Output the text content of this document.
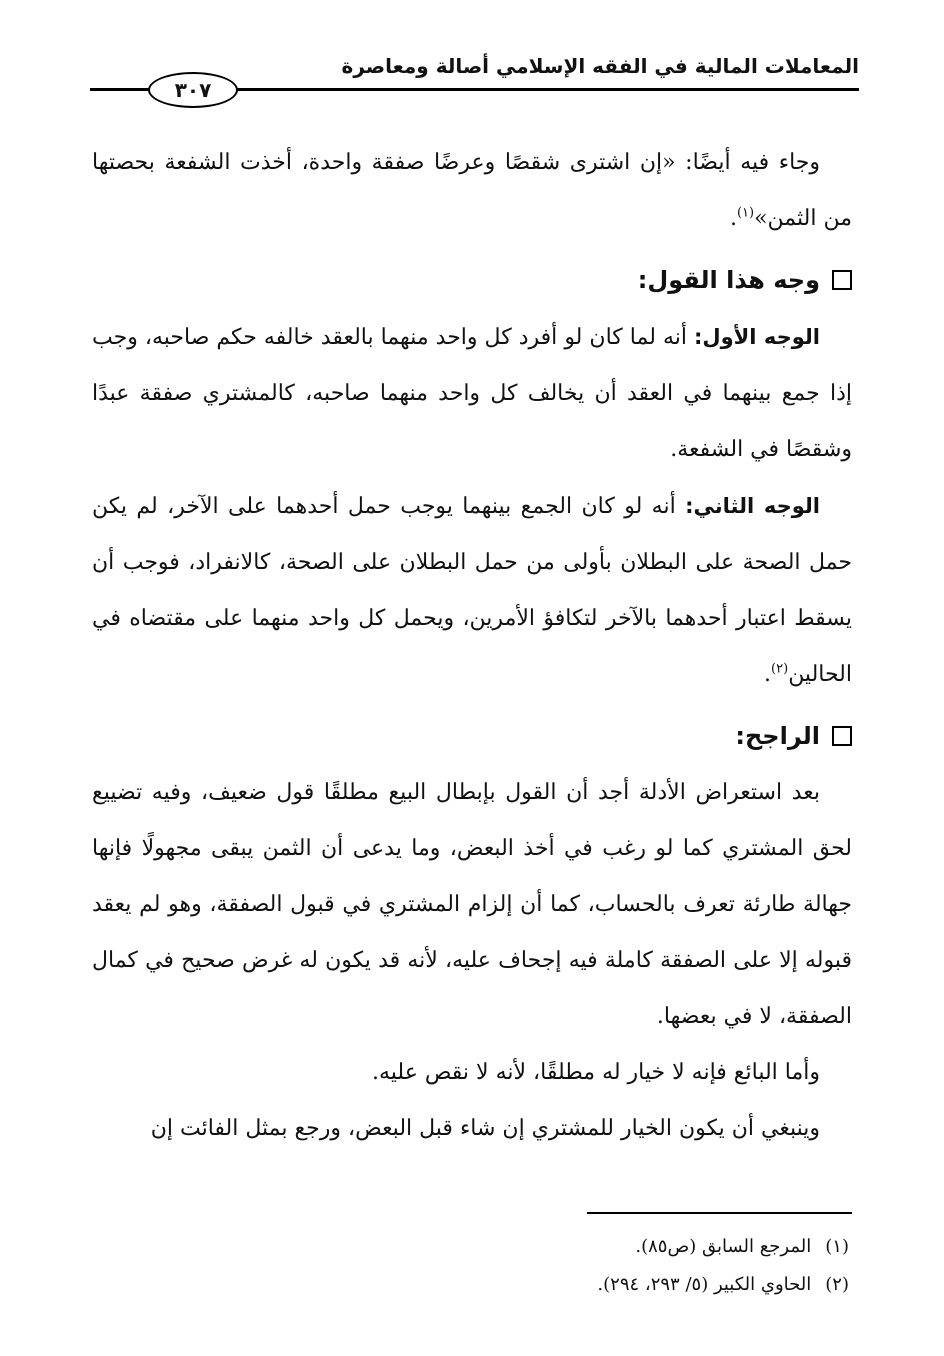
المعاملات المالية في الفقه الإسلامي أصالة ومعاصرة
٣٠٧

وجاء فيه أيضًا: «إن اشترى شقصًا وعرضًا صفقة واحدة، أخذت الشفعة بحصتها من الثمن»$^{(١)}$.

وجه هذا القول:

الوجه الأول: أنه لما كان لو أفرد كل واحد منهما بالعقد خالفه حكم صاحبه، وجب إذا جمع بينهما في العقد أن يخالف كل واحد منهما صاحبه، كالمشتري صفقة عبدًا وشقصًا في الشفعة.

الوجه الثاني: أنه لو كان الجمع بينهما يوجب حمل أحدهما على الآخر، لم يكن حمل الصحة على البطلان بأولى من حمل البطلان على الصحة، كالانفراد، فوجب أن يسقط اعتبار أحدهما بالآخر لتكافؤ الأمرين، ويحمل كل واحد منهما على مقتضاه في الحالين$^{(٢)}$.

الراجح:

بعد استعراض الأدلة أجد أن القول بإبطال البيع مطلقًا قول ضعيف، وفيه تضييع لحق المشتري كما لو رغب في أخذ البعض، وما يدعى أن الثمن يبقى مجهولًا فإنها جهالة طارئة تعرف بالحساب، كما أن إلزام المشتري في قبول الصفقة، وهو لم يعقد قبوله إلا على الصفقة كاملة فيه إجحاف عليه، لأنه قد يكون له غرض صحيح في كمال الصفقة، لا في بعضها.

وأما البائع فإنه لا خيار له مطلقًا، لأنه لا نقص عليه.

وينبغي أن يكون الخيار للمشتري إن شاء قبل البعض، ورجع بمثل الفائت إن

(١)المرجع السابق (ص٨٥).

(٢)الحاوي الكبير (٥/ ٢٩٣، ٢٩٤).
